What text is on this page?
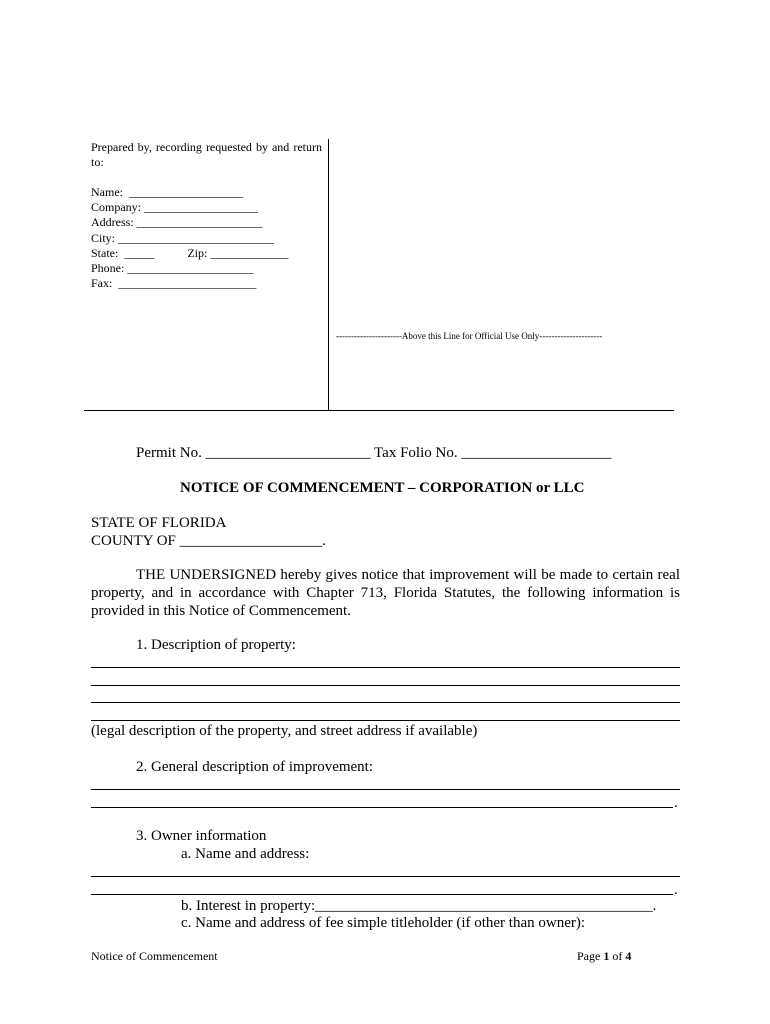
Prepared by, recording requested by and return to:
Name:  ___________________
Company: ___________________
Address: _____________________
City: __________________________
State:  _____           Zip: _____________
Phone: _____________________
Fax:  _______________________
----------------------Above this Line for Official Use Only---------------------
Permit No. ______________________ Tax Folio No. ____________________
NOTICE OF COMMENCEMENT – CORPORATION or LLC
STATE OF FLORIDA
COUNTY OF ___________________.
THE UNDERSIGNED hereby gives notice that improvement will be made to certain real property, and in accordance with Chapter 713, Florida Statutes, the following information is provided in this Notice of Commencement.
1. Description of property:
(legal description of the property, and street address if available)
2. General description of improvement:
.
3. Owner information
a. Name and address:
.
b. Interest in property:_____________________________________________.
c. Name and address of fee simple titleholder (if other than owner):
Notice of Commencement	Page 1 of 4
